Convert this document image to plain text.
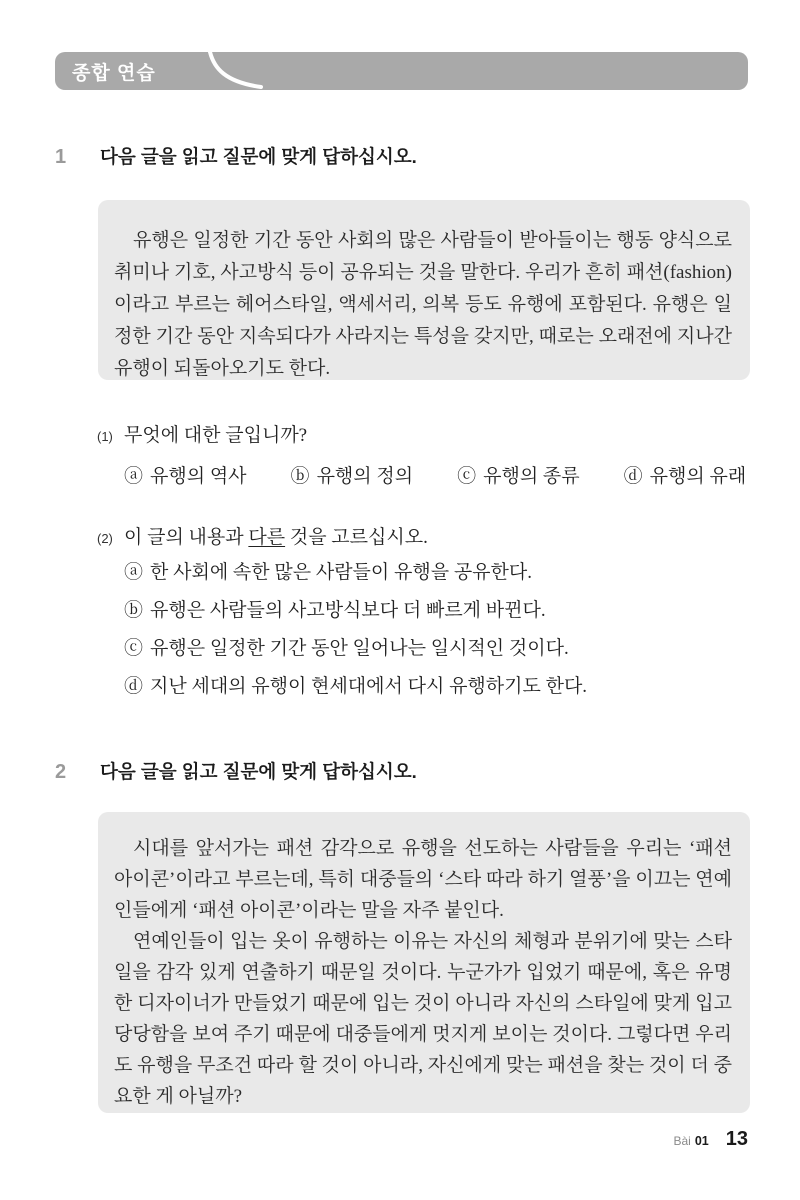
종합 연습
1	다음 글을 읽고 질문에 맞게 답하십시오.

유행은 일정한 기간 동안 사회의 많은 사람들이 받아들이는 행동 양식으로 취미나 기호, 사고방식 등이 공유되는 것을 말한다. 우리가 흔히 패션(fashion)이라고 부르는 헤어스타일, 액세서리, 의복 등도 유행에 포함된다. 유행은 일정한 기간 동안 지속되다가 사라지는 특성을 갖지만, 때로는 오래전에 지나간 유행이 되돌아오기도 한다.

(1) 무엇에 대한 글입니까?
ⓐ 유행의 역사 ⓑ 유행의 정의 ⓒ 유행의 종류 ⓓ 유행의 유래
(2) 이 글의 내용과 다른 것을 고르십시오.
ⓐ 한 사회에 속한 많은 사람들이 유행을 공유한다.
ⓑ 유행은 사람들의 사고방식보다 더 빠르게 바뀐다.
ⓒ 유행은 일정한 기간 동안 일어나는 일시적인 것이다.
ⓓ 지난 세대의 유행이 현세대에서 다시 유행하기도 한다.
2	다음 글을 읽고 질문에 맞게 답하십시오.

시대를 앞서가는 패션 감각으로 유행을 선도하는 사람들을 우리는 ‘패션 아이콘’이라고 부르는데, 특히 대중들의 ‘스타 따라 하기 열풍’을 이끄는 연예인들에게 ‘패션 아이콘’이라는 말을 자주 붙인다.

연예인들이 입는 옷이 유행하는 이유는 자신의 체형과 분위기에 맞는 스타일을 감각 있게 연출하기 때문일 것이다. 누군가가 입었기 때문에, 혹은 유명한 디자이너가 만들었기 때문에 입는 것이 아니라 자신의 스타일에 맞게 입고 당당함을 보여 주기 때문에 대중들에게 멋지게 보이는 것이다. 그렇다면 우리도 유행을 무조건 따라 할 것이 아니라, 자신에게 맞는 패션을 찾는 것이 더 중요한 게 아닐까?

Bài 01 13
